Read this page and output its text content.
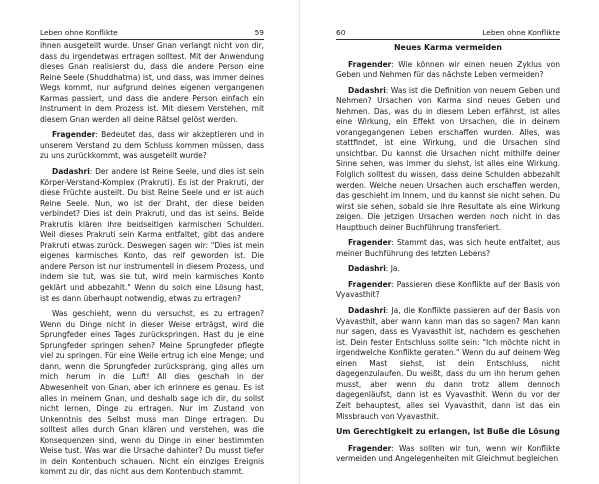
Leben ohne Konflikte	59

ihnen ausgeteilt wurde. Unser Gnan verlangt nicht von dir, dass du irgendetwas ertragen solltest. Mit der Anwendung dieses Gnan realisierst du, dass die andere Person eine Reine Seele (Shuddhatma) ist, und dass, was immer deines Wegs kommt, nur aufgrund deines eigenen vergangenen Karmas passiert, und dass die andere Person einfach ein Instrument in dem Prozess ist. Mit diesem Verstehen, mit diesem Gnan werden all deine Rätsel gelöst werden.

Fragender: Bedeutet das, dass wir akzeptieren und in unserem Verstand zu dem Schluss kommen müssen, dass zu uns zurückkommt, was ausgeteilt wurde?

Dadashri: Der andere ist Reine Seele, und dies ist sein Körper-Verstand-Komplex (Prakruti). Es ist der Prakruti, der diese Früchte austeilt. Du bist Reine Seele und er ist auch Reine Seele. Nun, wo ist der Draht, der diese beiden verbindet? Dies ist dein Prakruti, und das ist seins. Beide Prakrutis klären ihre beidseitigen karmischen Schulden. Weil dieses Prakruti sein Karma entfaltet, gibt das andere Prakruti etwas zurück. Deswegen sagen wir: "Dies ist mein eigenes karmisches Konto, das reif geworden ist. Die andere Person ist nur instrumentell in diesem Prozess, und indem sie tut, was sie tut, wird mein karmisches Konto geklärt und abbezahlt." Wenn du solch eine Lösung hast, ist es dann überhaupt notwendig, etwas zu ertragen?

Was geschieht, wenn du versuchst, es zu ertragen? Wenn du Dinge nicht in dieser Weise erträgst, wird die Sprungfeder eines Tages zurückspringen. Hast du je eine Sprungfeder springen sehen? Meine Sprungfeder pflegte viel zu springen. Für eine Weile ertrug ich eine Menge; und dann, wenn die Sprungfeder zurücksprang, ging alles um mich herum in die Luft! All dies geschah in der Abwesenheit von Gnan, aber ich erinnere es genau. Es ist alles in meinem Gnan, und deshalb sage ich dir, du sollst nicht lernen, Dinge zu ertragen. Nur im Zustand von Unkenntnis des Selbst muss man Dinge ertragen. Du solltest alles durch Gnan klären und verstehen, was die Konsequenzen sind, wenn du Dinge in einer bestimmten Weise tust. Was war die Ursache dahinter? Du musst tiefer in dein Kontenbuch schauen. Nicht ein einziges Ereignis kommt zu dir, das nicht aus dem Kontenbuch stammt.

60	Leben ohne Konflikte

Neues Karma vermeiden

Fragender: Wie können wir einen neuen Zyklus von Geben und Nehmen für das nächste Leben vermeiden?

Dadashri: Was ist die Definition von neuem Geben und Nehmen? Ursachen von Karma sind neues Geben und Nehmen. Das, was du in diesem Leben erfährst, ist alles eine Wirkung, ein Effekt von Ursachen, die in deinem vorangegangenen Leben erschaffen wurden. Alles, was stattfindet, ist eine Wirkung, und die Ursachen sind unsichtbar. Du kannst die Ursachen nicht mithilfe deiner Sinne sehen, was immer du siehst, ist alles eine Wirkung. Folglich solltest du wissen, dass deine Schulden abbezahlt werden. Welche neuen Ursachen auch erschaffen werden, das geschieht im Innern, und du kannst sie nicht sehen. Du wirst sie sehen, sobald sie ihre Resultate als eine Wirkung zeigen. Die jetzigen Ursachen werden noch nicht in das Hauptbuch deiner Buchführung transferiert.

Fragender: Stammt das, was sich heute entfaltet, aus meiner Buchführung des letzten Lebens?

Dadashri: Ja.

Fragender: Passieren diese Konflikte auf der Basis von Vyavasthit?

Dadashri: Ja, die Konflikte passieren auf der Basis von Vyavasthit, aber wann kann man das so sagen? Man kann nur sagen, dass es Vyavasthit ist, nachdem es geschehen ist. Dein fester Entschluss sollte sein: "Ich möchte nicht in irgendwelche Konflikte geraten." Wenn du auf deinem Weg einen Mast siehst, ist dein Entschluss, nicht dagegenzulaufen. Du weißt, dass du um ihn herum gehen musst, aber wenn du dann trotz allem dennoch dagegenläufst, dann ist es Vyavasthit. Wenn du vor der Zeit behauptest, alles sei Vyavasthit, dann ist das ein Missbrauch von Vyavasthit.

Um Gerechtigkeit zu erlangen, ist Buße die Lösung

Fragender: Was sollten wir tun, wenn wir Konflikte vermeiden und Angelegenheiten mit Gleichmut begleichen
